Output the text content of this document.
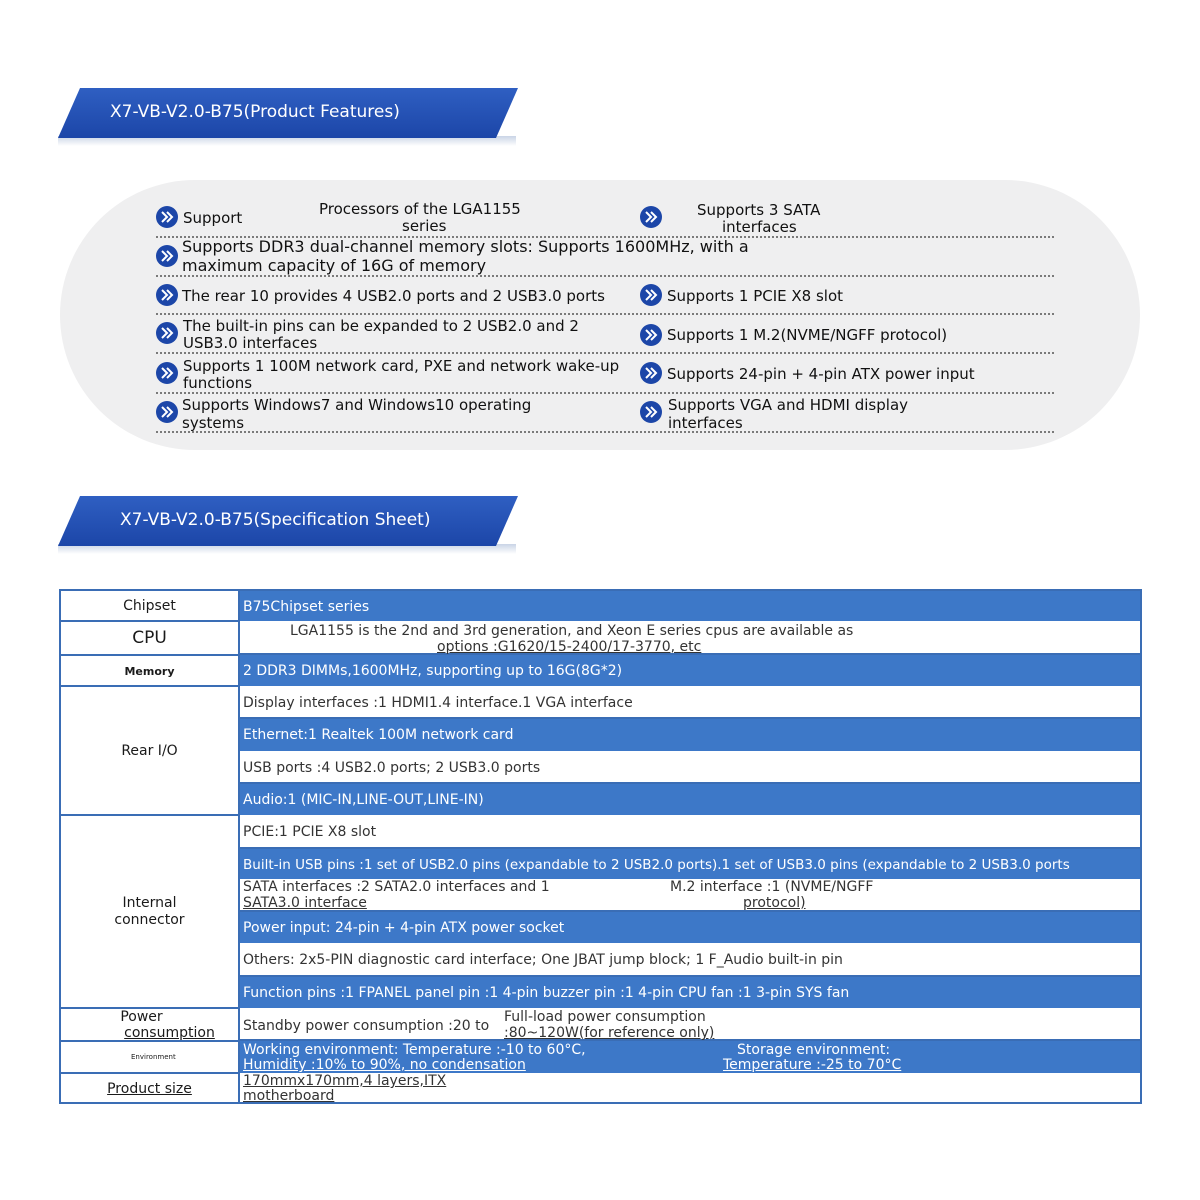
X7-VB-V2.0-B75(Product Features)
Support	Processors of the LGA1155
series
Supports DDR3 dual-channel memory slots: Supports 1600MHz, with a
maximum capacity of 16G of memory
The rear 10 provides 4 USB2.0 ports and 2 USB3.0 ports
The built-in pins can be expanded to 2 USB2.0 and 2
USB3.0 interfaces
Supports 1 100M network card, PXE and network wake-up
functions
Supports Windows7 and Windows10 operating
systems
Supports 3 SATA
interfaces
Supports 1 PCIE X8 slot
Supports 1 M.2(NVME/NGFF protocol)
Supports 24-pin + 4-pin ATX power input
Supports VGA and HDMI display
interfaces
X7-VB-V2.0-B75(Specification Sheet)
B75Chipset series
LGA1155 is the 2nd and 3rd generation, and Xeon E series cpus are available as
options :G1620/15-2400/17-3770, etc
2 DDR3 DIMMs,1600MHz, supporting up to 16G(8G*2)
Display interfaces :1 HDMI1.4 interface.1 VGA interface
Ethernet:1 Realtek 100M network card
USB ports :4 USB2.0 ports; 2 USB3.0 ports
Audio:1 (MIC-IN,LINE-OUT,LINE-IN)
PCIE:1 PCIE X8 slot
Built-in USB pins :1 set of USB2.0 pins (expandable to 2 USB2.0 ports).1 set of USB3.0 pins (expandable to 2 USB3.0 ports
SATA interfaces :2 SATA2.0 interfaces and 1
SATA3.0 interface
M.2 interface :1 (NVME/NGFF
protocol)
Power input: 24-pin + 4-pin ATX power socket
Others: 2x5-PIN diagnostic card interface; One JBAT jump block; 1 F_Audio built-in pin
Function pins :1 FPANEL panel pin :1 4-pin buzzer pin :1 4-pin CPU fan :1 3-pin SYS fan
Standby power consumption :20 to
Full-load power consumption
:80~120W(for reference only)
Working environment: Temperature :-10 to 60°C,
Humidity :10% to 90%, no condensation
Storage environment:
Temperature :-25 to 70°C
170mmx170mm,4 layers,ITX
motherboard
Chipset
CPU
Memory
Rear I/O
Internal
connector
Power
consumption
Environment
Product size
